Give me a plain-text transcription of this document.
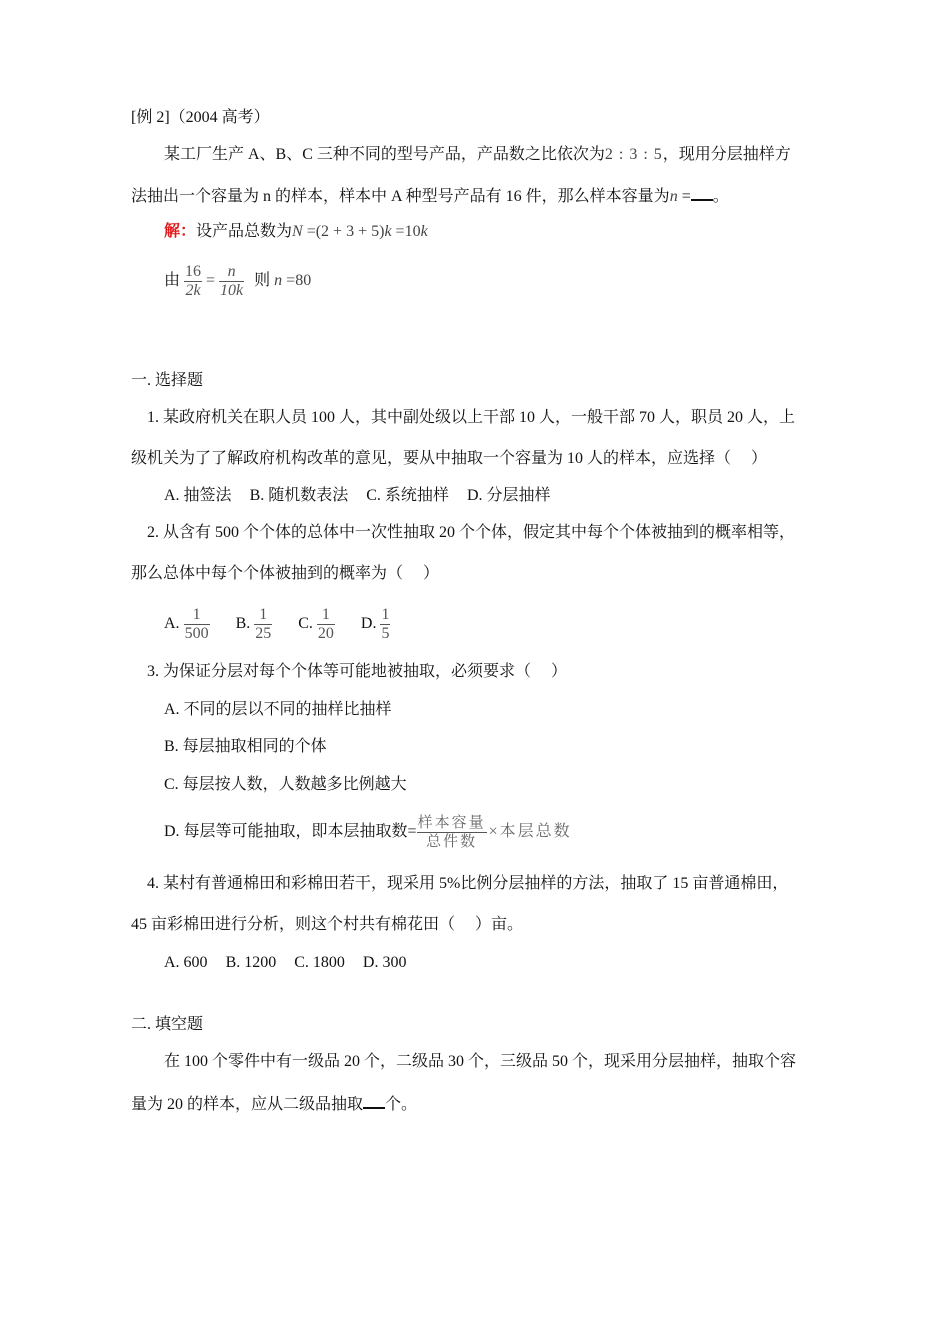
[例 2]（2004 高考）
某工厂生产 A、B、C 三种不同的型号产品，产品数之比依次为2 : 3 : 5，现用分层抽样方
法抽出一个容量为 n 的样本，样本中 A 种型号产品有 16 件，那么样本容量为n = 。
解：设产品总数为N =(2 + 3 + 5)k =10k
由 $\frac{16}{2k} = \frac{n}{10k}$ 则 n =80
一. 选择题
1. 某政府机关在职人员 100 人，其中副处级以上干部 10 人，一般干部 70 人，职员 20 人，上
级机关为了了解政府机构改革的意见，要从中抽取一个容量为 10 人的样本，应选择（　 ）
A. 抽签法 B. 随机数表法 C. 系统抽样 D. 分层抽样
2. 从含有 500 个个体的总体中一次性抽取 20 个个体，假定其中每个个体被抽到的概率相等，
那么总体中每个个体被抽到的概率为（　 ）
A. $\frac{1}{500} B$. $\frac{1}{25} C$. $\frac{1}{20} D$. $\frac{1}{5}$
3. 为保证分层对每个个体等可能地被抽取，必须要求（　 ）
A. 不同的层以不同的抽样比抽样
B. 每层抽取相同的个体
C. 每层按人数，人数越多比例越大
D. 每层等可能抽取，即本层抽取数= $\frac{\text{样本容量}}{\text{总件数}}$ × 本层总数
4. 某村有普通棉田和彩棉田若干，现采用 5%比例分层抽样的方法，抽取了 15 亩普通棉田，
45 亩彩棉田进行分析，则这个村共有棉花田（　 ）亩。
A. 600 B. 1200 C. 1800 D. 300
二. 填空题
在 100 个零件中有一级品 20 个，二级品 30 个，三级品 50 个，现采用分层抽样，抽取个容
量为 20 的样本，应从二级品抽取 个。
